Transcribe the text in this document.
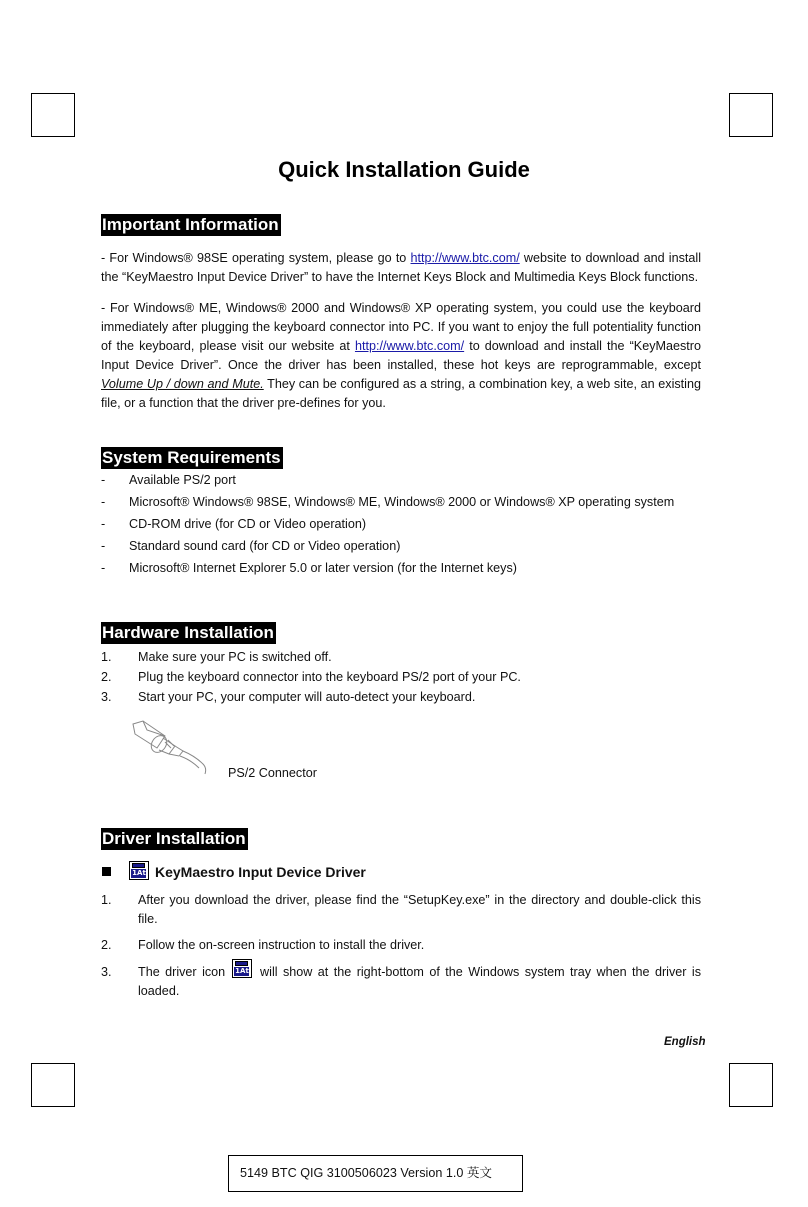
Quick Installation Guide
Important Information
- For Windows® 98SE operating system, please go to http://www.btc.com/ website to download and install the “KeyMaestro Input Device Driver” to have the Internet Keys Block and Multimedia Keys Block functions.
- For Windows® ME, Windows® 2000 and Windows® XP operating system, you could use the keyboard immediately after plugging the keyboard connector into PC. If you want to enjoy the full potentiality function of the keyboard, please visit our website at http://www.btc.com/ to download and install the “KeyMaestro Input Device Driver”. Once the driver has been installed, these hot keys are reprogrammable, except Volume Up / down and Mute. They can be configured as a string, a combination key, a web site, an existing file, or a function that the driver pre-defines for you.
System Requirements
- Available PS/2 port
- Microsoft® Windows® 98SE, Windows® ME, Windows® 2000 or Windows® XP operating system
- CD-ROM drive (for CD or Video operation)
- Standard sound card (for CD or Video operation)
- Microsoft® Internet Explorer 5.0 or later version (for the Internet keys)
Hardware Installation
1. Make sure your PC is switched off.
2. Plug the keyboard connector into the keyboard PS/2 port of your PC.
3. Start your PC, your computer will auto-detect your keyboard.
PS/2 Connector
Driver Installation
1At KeyMaestro Input Device Driver
1. After you download the driver, please find the “SetupKey.exe” in the directory and double-click this file.
2. Follow the on-screen instruction to install the driver.
3. The driver icon  will show at the right-bottom of the Windows system tray when the driver is loaded.
1At
English
5149 BTC QIG 3100506023 Version 1.0 英文
